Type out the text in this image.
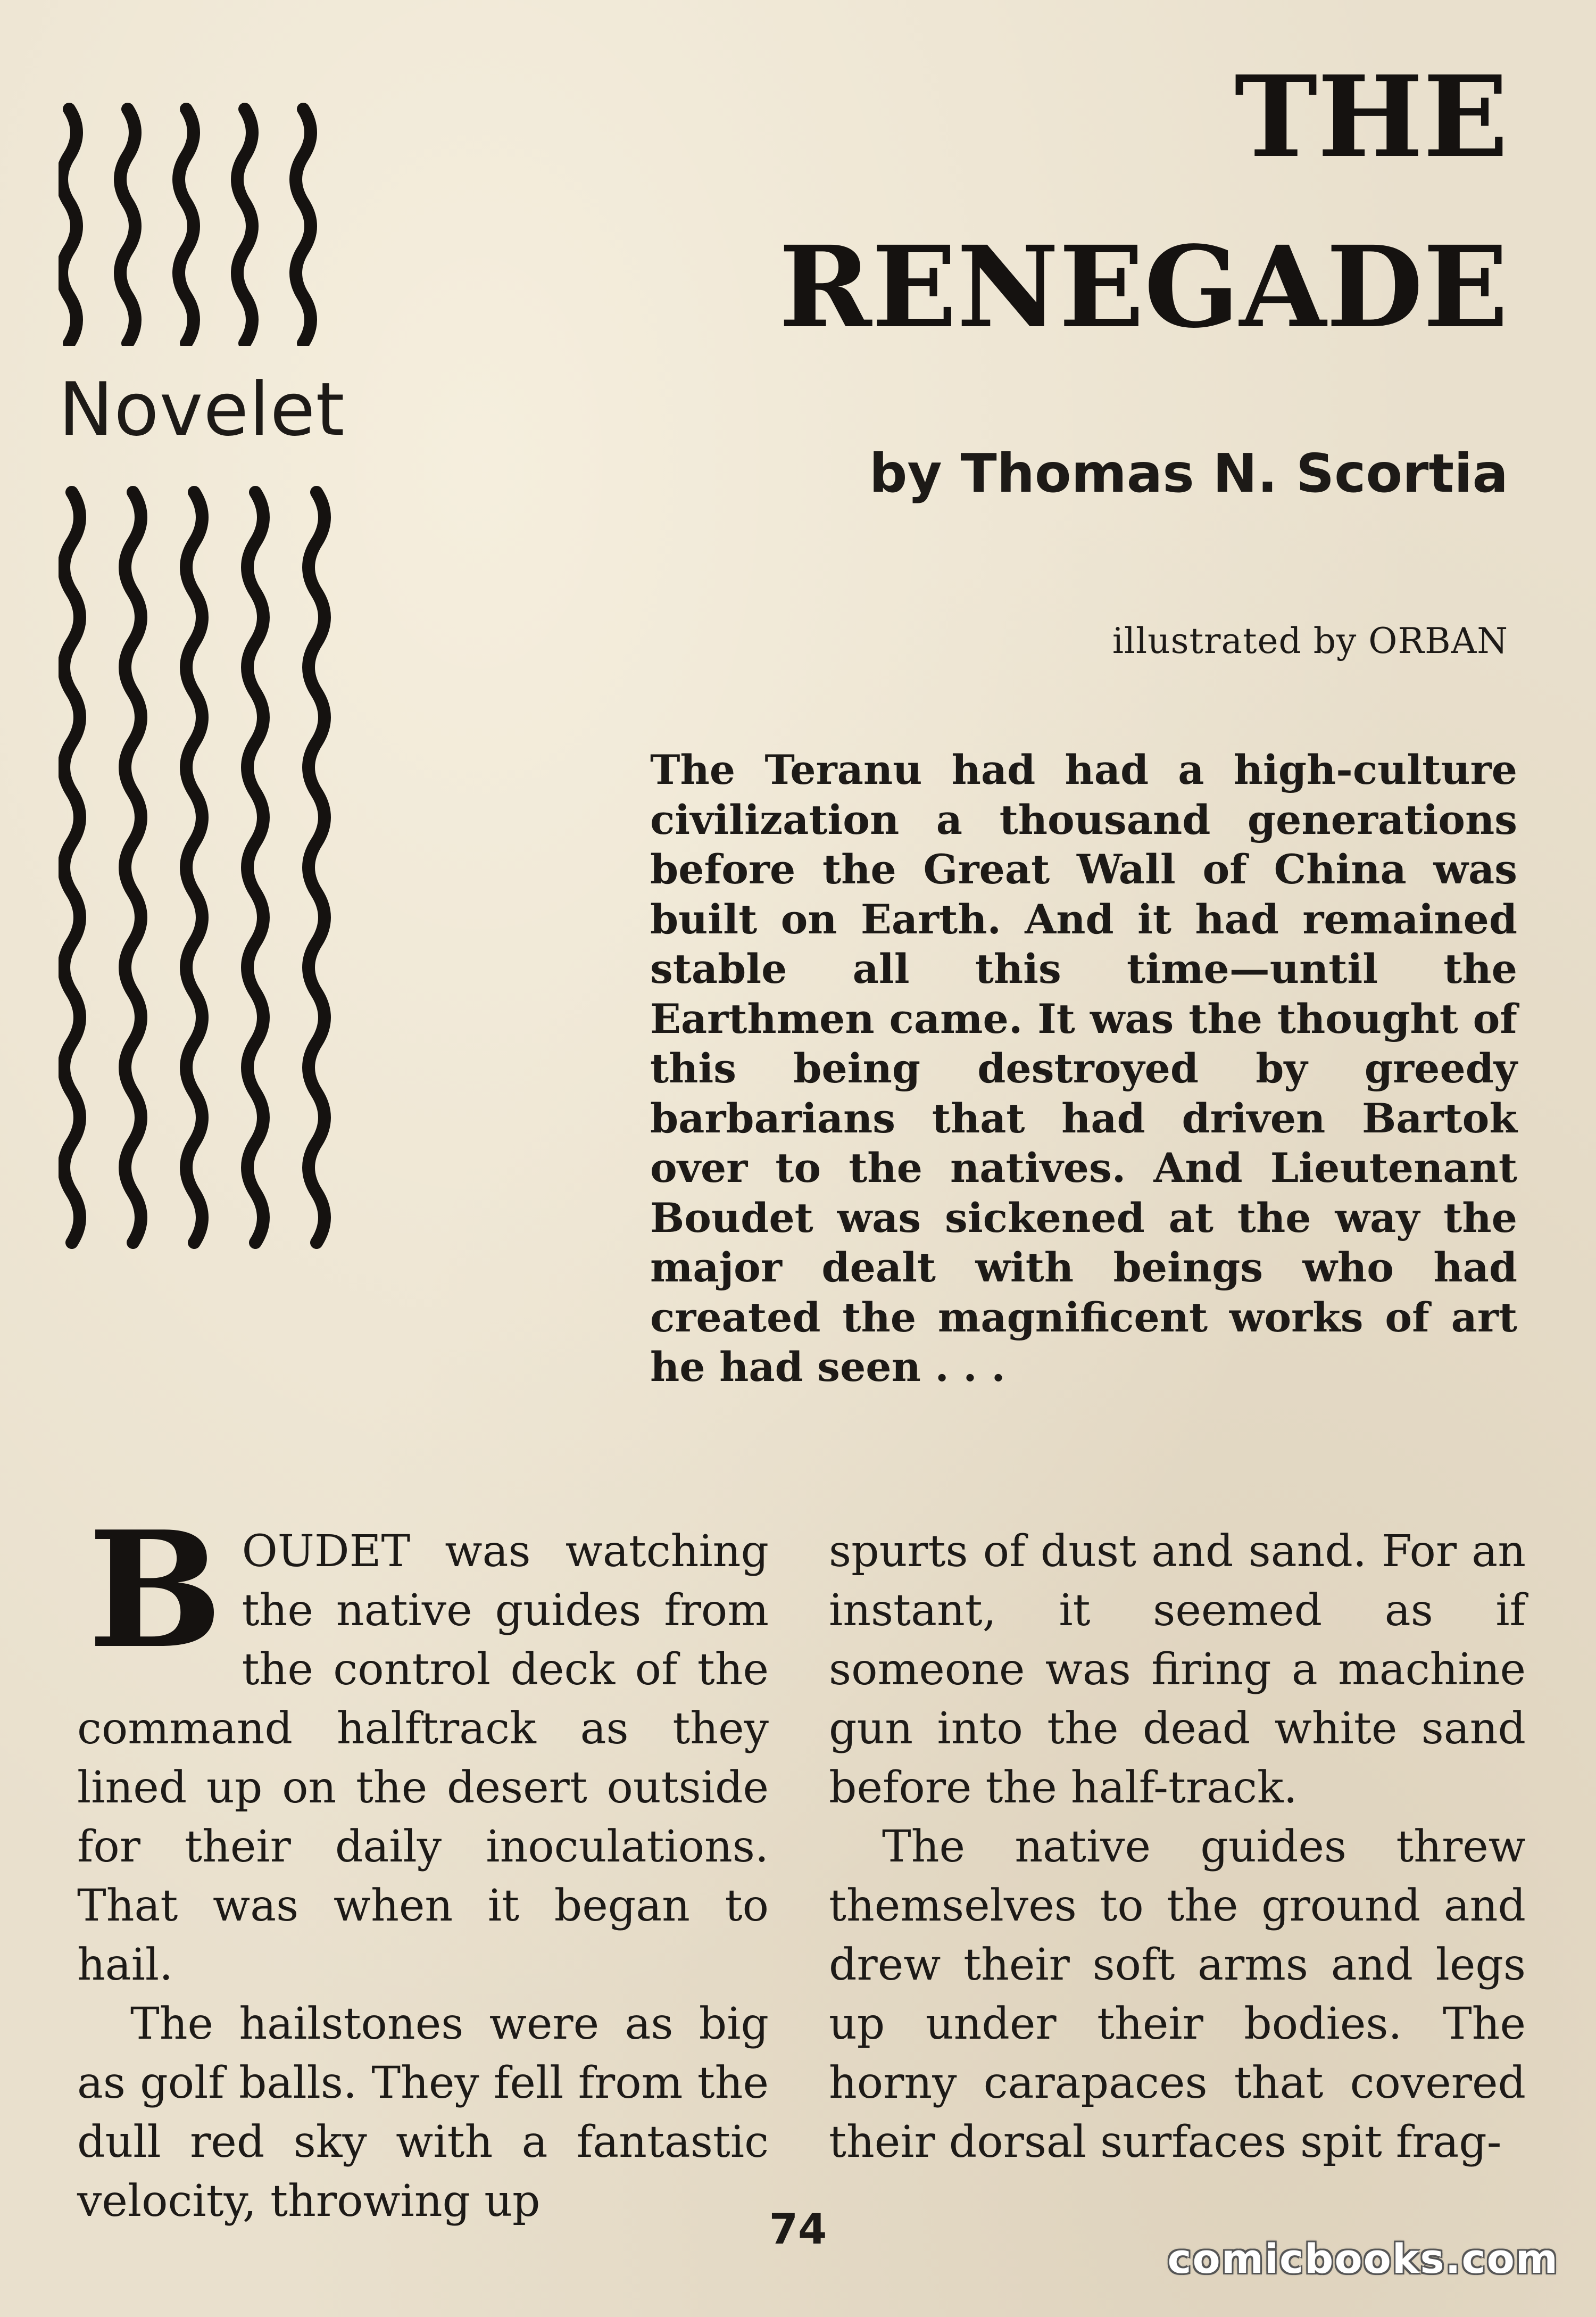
Novelet
THE
RENEGADE
by Thomas N. Scortia
illustrated by ORBAN
The Teranu had had a high-culture civilization a thousand generations before the Great Wall of China was built on Earth. And it had remained stable all this time—until the Earthmen came. It was the thought of this being destroyed by greedy barbarians that had driven Bartok over to the natives. And Lieutenant Boudet was sickened at the way the major dealt with beings who had created the magnificent works of art he had seen . . .

BOUDET was watching the native guides from the control deck of the command halftrack as they lined up on the desert outside for their daily inoculations. That was when it began to hail.

The hailstones were as big as golf balls. They fell from the dull red sky with a fantastic velocity, throwing up

spurts of dust and sand. For an instant, it seemed as if someone was firing a machine gun into the dead white sand before the half-track.

The native guides threw themselves to the ground and drew their soft arms and legs up under their bodies. The horny carapaces that covered their dorsal surfaces spit frag-

74
comicbooks.com
